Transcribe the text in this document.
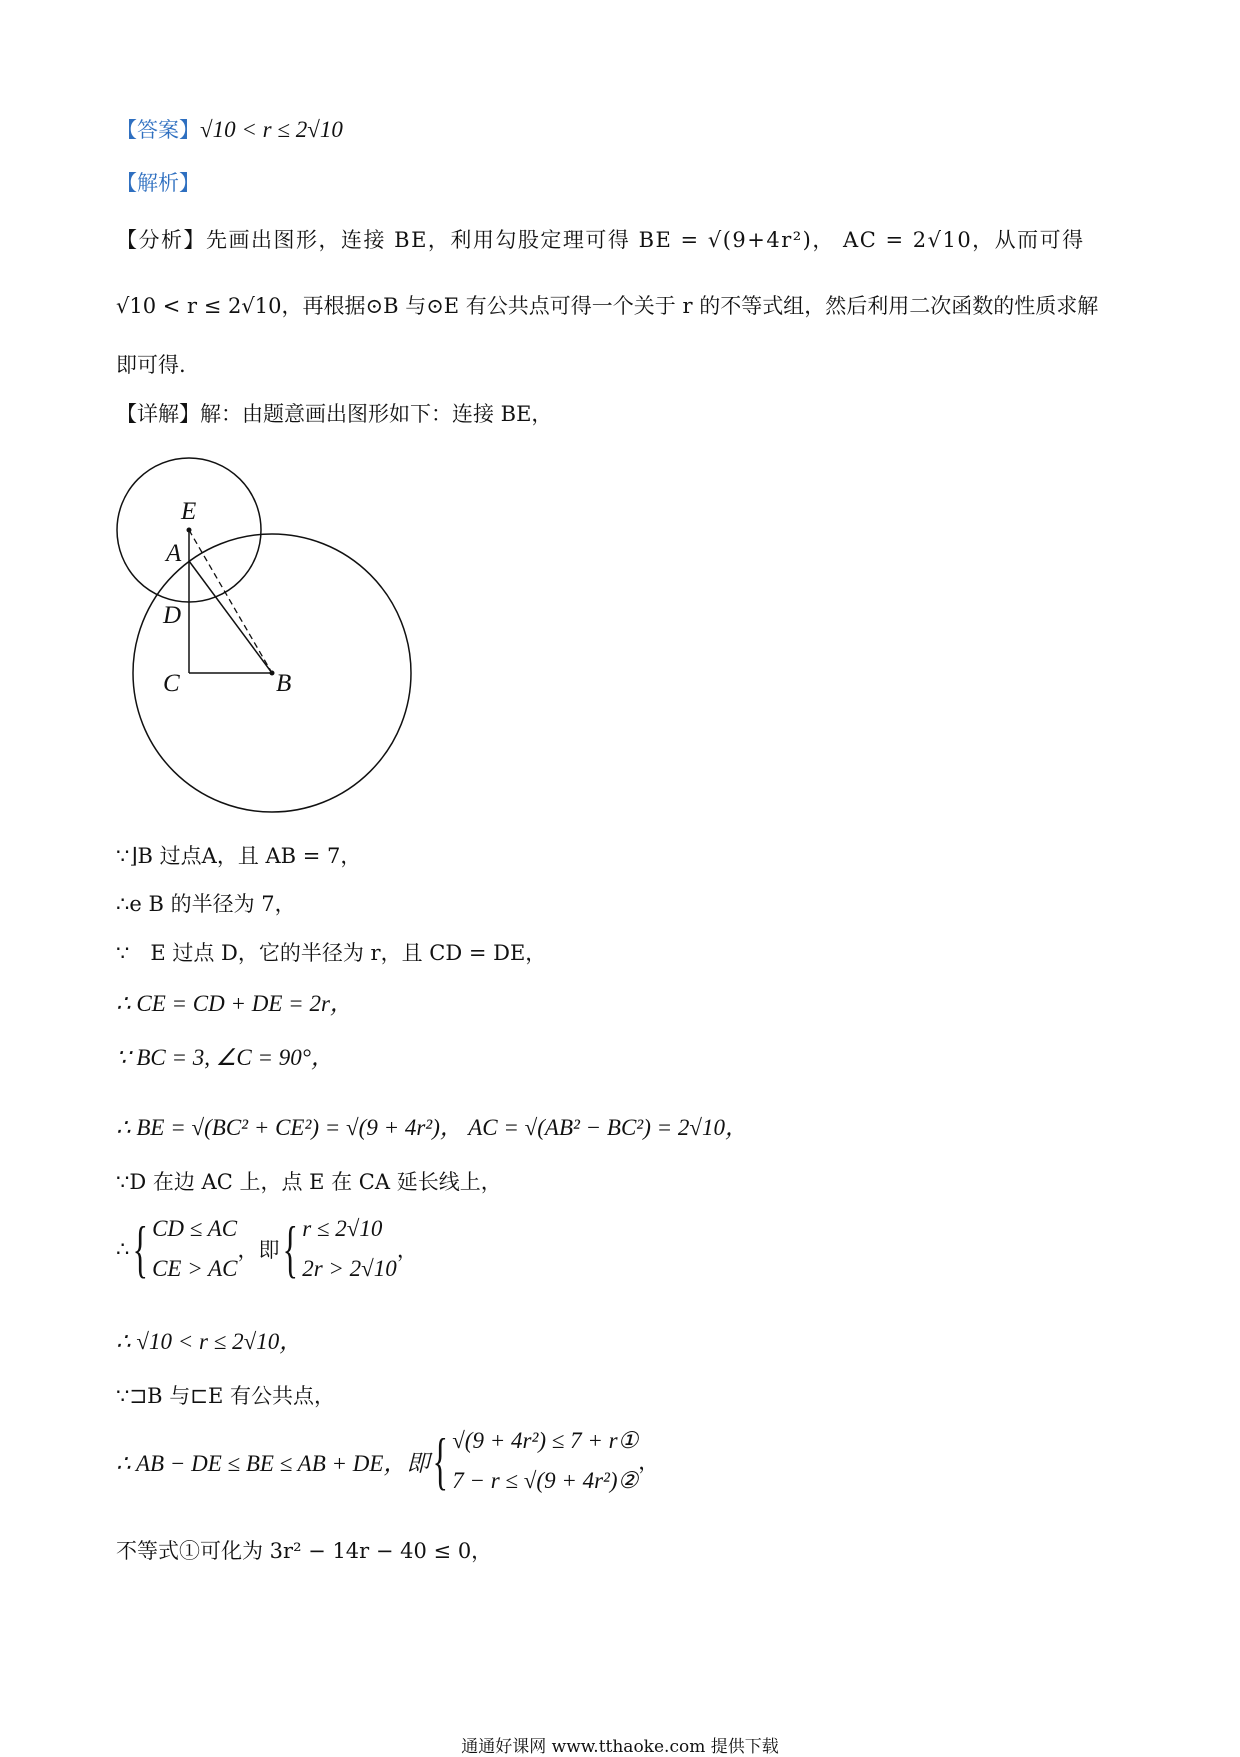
【答案】√10 < r ≤ 2√10
【解析】
【分析】先画出图形，连接 BE，利用勾股定理可得 BE = √(9+4r²)， AC = 2√10，从而可得
√10 < r ≤ 2√10，再根据⊙B 与⊙E 有公共点可得一个关于 r 的不等式组，然后利用二次函数的性质求解
即可得.
【详解】解：由题意画出图形如下：连接 BE，
E
A
D
C	B
∵⌋B 过点A，且 AB = 7，
∴e B 的半径为 7，
∵　E 过点 D，它的半径为 r，且 CD = DE，
∴ CE = CD + DE = 2r，
∵ BC = 3, ∠C = 90°，
∴ BE = √(BC² + CE²) = √(9 + 4r²)， AC = √(AB² − BC²) = 2√10，
∵D 在边 AC 上，点 E 在 CA 延长线上，
∴ { CD ≤ AC
CE > AC
，即 { r ≤ 2√10
2r > 2√10
，
∴ √10 < r ≤ 2√10，
∵⊐B 与⊏E 有公共点，
∴ AB − DE ≤ BE ≤ AB + DE，即 { √(9 + 4r²) ≤ 7 + r①
7 − r ≤ √(9 + 4r²)②
，
不等式①可化为 3r² − 14r − 40 ≤ 0，
通通好课网 www.tthaoke.com 提供下载
